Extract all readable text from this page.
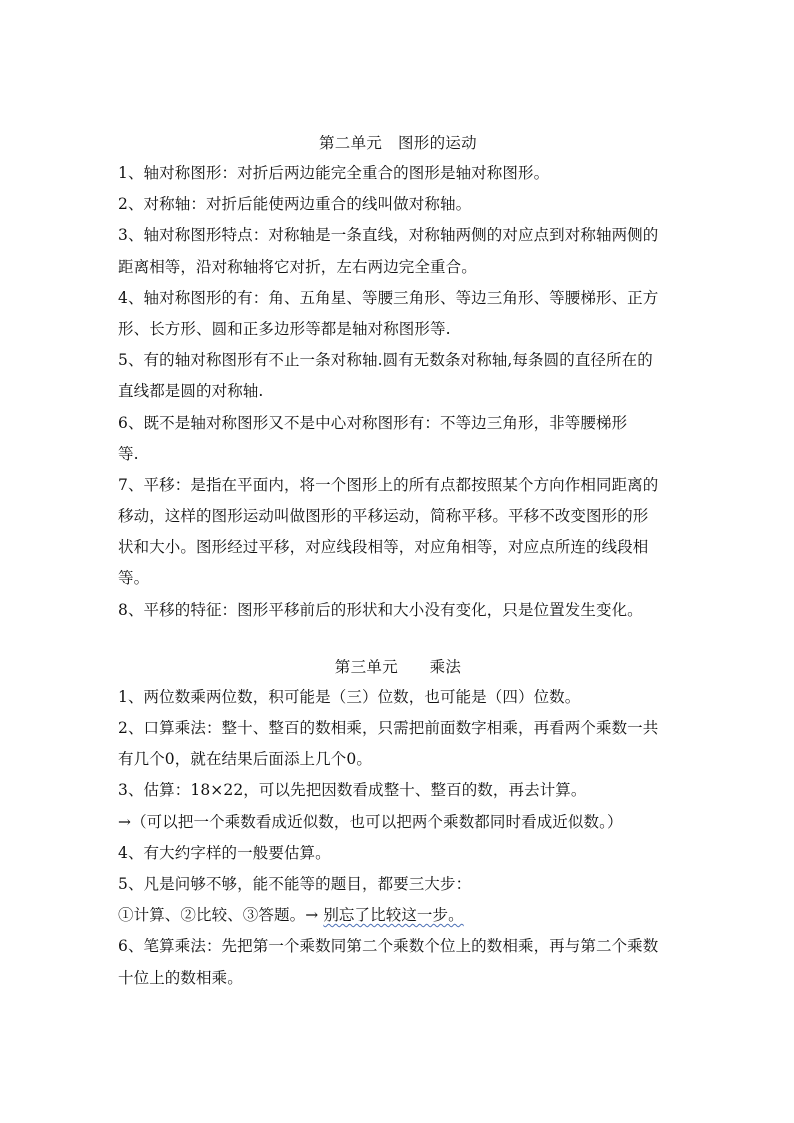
第二单元　图形的运动
1、轴对称图形：对折后两边能完全重合的图形是轴对称图形。
2、对称轴：对折后能使两边重合的线叫做对称轴。
3、轴对称图形特点：对称轴是一条直线，对称轴两侧的对应点到对称轴两侧的
距离相等，沿对称轴将它对折，左右两边完全重合。
4、轴对称图形的有：角、五角星、等腰三角形、等边三角形、等腰梯形、正方
形、长方形、圆和正多边形等都是轴对称图形等.
5、有的轴对称图形有不止一条对称轴.圆有无数条对称轴,每条圆的直径所在的
直线都是圆的对称轴.
6、既不是轴对称图形又不是中心对称图形有：不等边三角形，非等腰梯形
等.
7、平移：是指在平面内，将一个图形上的所有点都按照某个方向作相同距离的
移动，这样的图形运动叫做图形的平移运动，简称平移。平移不改变图形的形
状和大小。图形经过平移，对应线段相等，对应角相等，对应点所连的线段相
等。
8、平移的特征：图形平移前后的形状和大小没有变化，只是位置发生变化。
第三单元　　乘法
1、两位数乘两位数，积可能是（三）位数，也可能是（四）位数。
2、口算乘法：整十、整百的数相乘，只需把前面数字相乘，再看两个乘数一共
有几个0，就在结果后面添上几个0。
3、估算：18×22，可以先把因数看成整十、整百的数，再去计算。
→（可以把一个乘数看成近似数，也可以把两个乘数都同时看成近似数。）
4、有大约字样的一般要估算。
5、凡是问够不够，能不能等的题目，都要三大步：
①计算、②比较、③答题。→ 别忘了比较这一步。
6、笔算乘法：先把第一个乘数同第二个乘数个位上的数相乘，再与第二个乘数
十位上的数相乘。
